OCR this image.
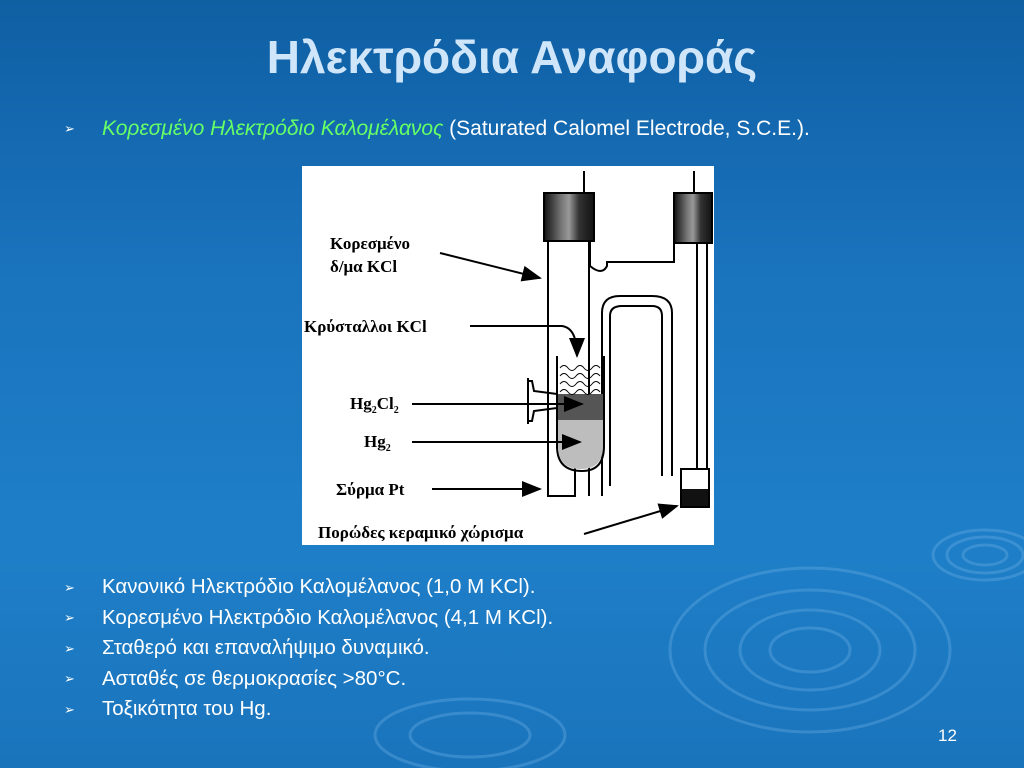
Ηλεκτρόδια Αναφοράς
➢ Κορεσμένο Ηλεκτρόδιο Καλομέλανος (Saturated Calomel Electrode, S.C.E.).
Κορεσμένο
δ/μα KCl
Κρύσταλλοι KCl
$Hg_2Cl_2$
$Hg_2$
Σύρμα Pt
Πορώδες κεραμικό χώρισμα
➢ Κανονικό Ηλεκτρόδιο Καλομέλανος (1,0 M KCl).
➢ Κορεσμένο Ηλεκτρόδιο Καλομέλανος (4,1 M KCl).
➢ Σταθερό και επαναλήψιμο δυναμικό.
➢ Ασταθές σε θερμοκρασίες >80°C.
➢ Τοξικότητα του Hg.
12
